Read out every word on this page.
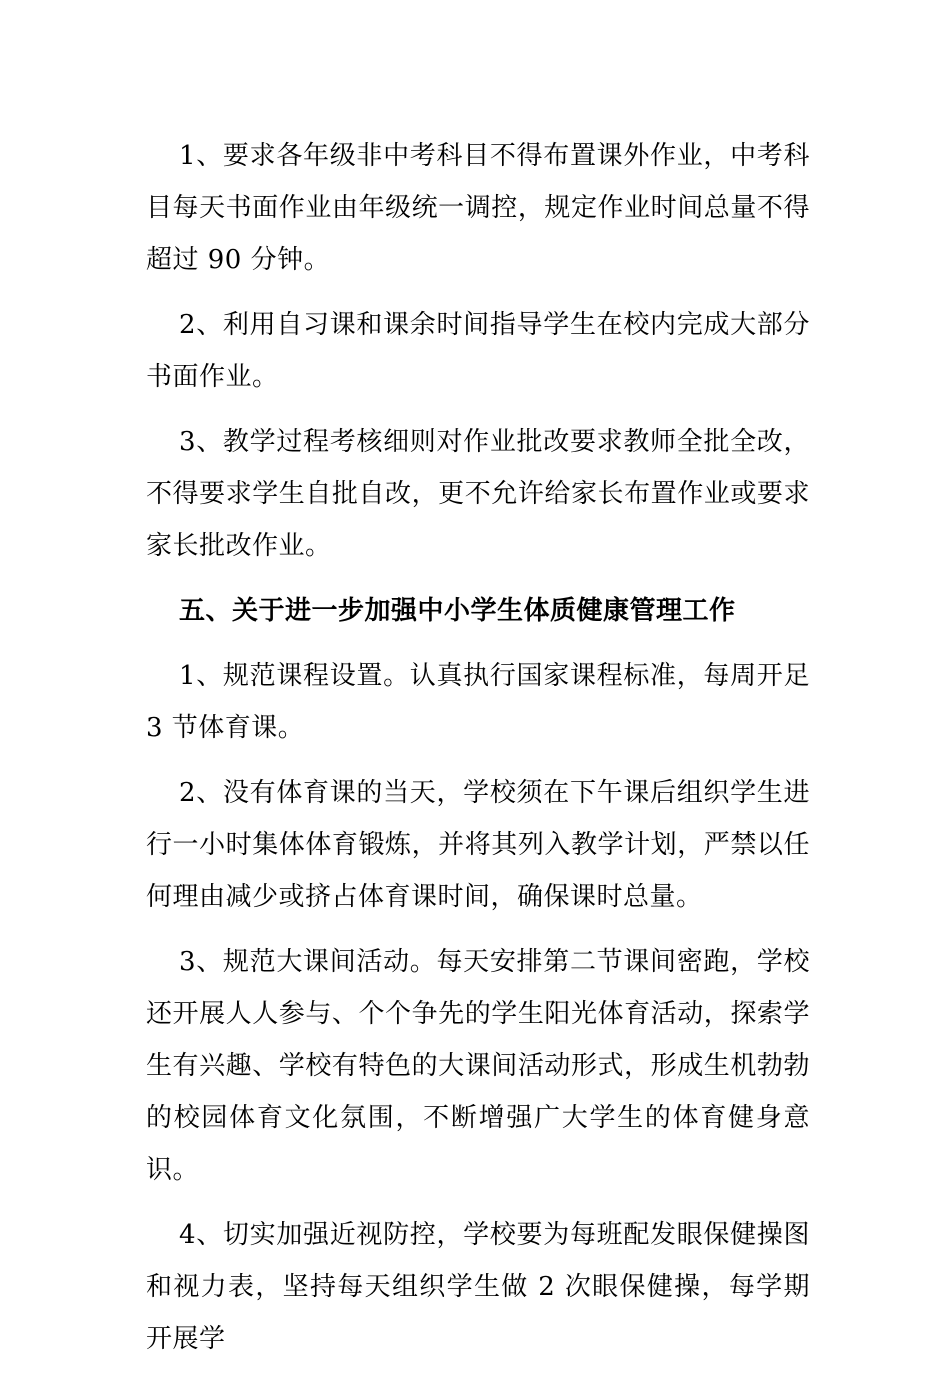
1、要求各年级非中考科目不得布置课外作业，中考科目每天书面作业由年级统一调控，规定作业时间总量不得超过 90 分钟。

2、利用自习课和课余时间指导学生在校内完成大部分书面作业。

3、教学过程考核细则对作业批改要求教师全批全改，不得要求学生自批自改，更不允许给家长布置作业或要求家长批改作业。

五、关于进一步加强中小学生体质健康管理工作

1、规范课程设置。认真执行国家课程标准，每周开足 3 节体育课。

2、没有体育课的当天，学校须在下午课后组织学生进行一小时集体体育锻炼，并将其列入教学计划，严禁以任何理由减少或挤占体育课时间，确保课时总量。

3、规范大课间活动。每天安排第二节课间密跑，学校还开展人人参与、个个争先的学生阳光体育活动，探索学生有兴趣、学校有特色的大课间活动形式，形成生机勃勃的校园体育文化氛围，不断增强广大学生的体育健身意识。

4、切实加强近视防控，学校要为每班配发眼保健操图和视力表，坚持每天组织学生做 2 次眼保健操，每学期开展学
